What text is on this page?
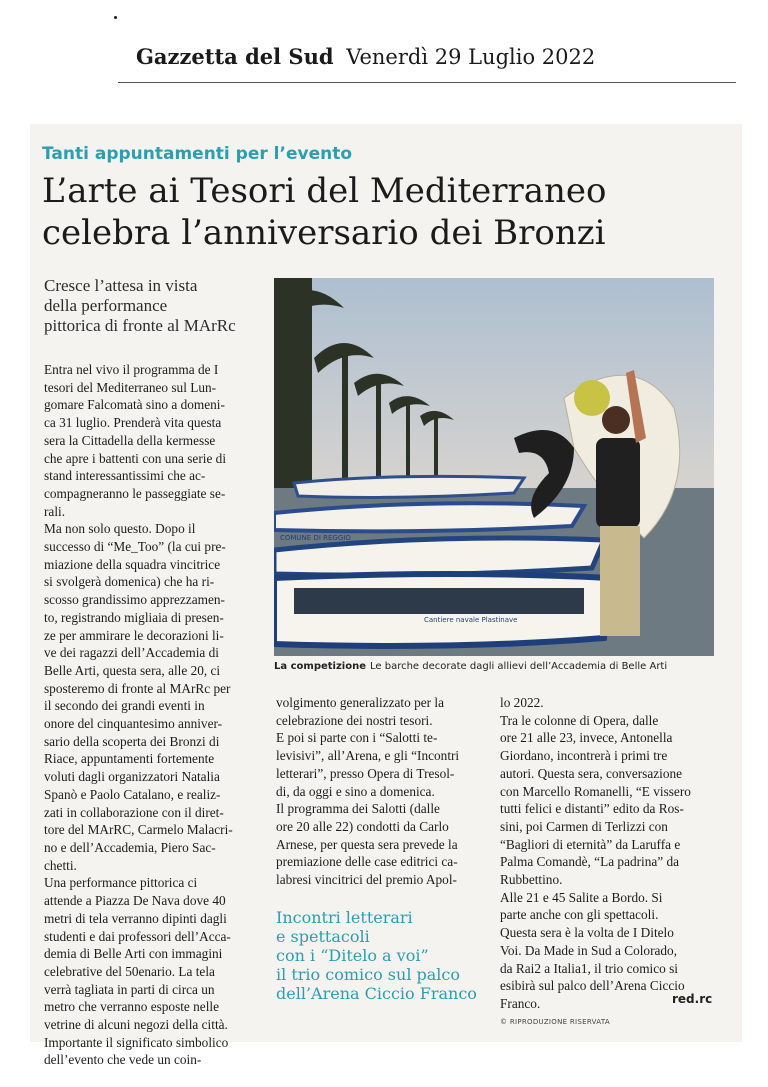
Gazzetta del Sud Venerdì 29 Luglio 2022
Tanti appuntamenti per l’evento
L’arte ai Tesori del Mediterraneo
celebra l’anniversario dei Bronzi
Cresce l’attesa in vista
della performance
pittorica di fronte al MArRc
Entra nel vivo il programma de I
tesori del Mediterraneo sul Lun-
gomare Falcomatà sino a domeni-
ca 31 luglio. Prenderà vita questa
sera la Cittadella della kermesse
che apre i battenti con una serie di
stand interessantissimi che ac-
compagneranno le passeggiate se-
rali.
Ma non solo questo. Dopo il
successo di “Me_Too” (la cui pre-
miazione della squadra vincitrice
si svolgerà domenica) che ha ri-
scosso grandissimo apprezzamen-
to, registrando migliaia di presen-
ze per ammirare le decorazioni li-
ve dei ragazzi dell’Accademia di
Belle Arti, questa sera, alle 20, ci
sposteremo di fronte al MArRc per
il secondo dei grandi eventi in
onore del cinquantesimo anniver-
sario della scoperta dei Bronzi di
Riace, appuntamenti fortemente
voluti dagli organizzatori Natalia
Spanò e Paolo Catalano, e realiz-
zati in collaborazione con il diret-
tore del MArRC, Carmelo Malacri-
no e dell’Accademia, Piero Sac-
chetti.
Una performance pittorica ci
attende a Piazza De Nava dove 40
metri di tela verranno dipinti dagli
studenti e dai professori dell’Acca-
demia di Belle Arti con immagini
celebrative del 50enario. La tela
verrà tagliata in parti di circa un
metro che verranno esposte nelle
vetrine di alcuni negozi della città.
Importante il significato simbolico
dell’evento che vede un coin-
volgimento generalizzato per la
celebrazione dei nostri tesori.
E poi si parte con i “Salotti te-
levisivi”, all’Arena, e gli “Incontri
letterari”, presso Opera di Tresol-
di, da oggi e sino a domenica.
Il programma dei Salotti (dalle
ore 20 alle 22) condotti da Carlo
Arnese, per questa sera prevede la
premiazione delle case editrici ca-
labresi vincitrici del premio Apol-
lo 2022.
Tra le colonne di Opera, dalle
ore 21 alle 23, invece, Antonella
Giordano, incontrerà i primi tre
autori. Questa sera, conversazione
con Marcello Romanelli, “E vissero
tutti felici e distanti” edito da Ros-
sini, poi Carmen di Terlizzi con
“Bagliori di eternità” da Laruffa e
Palma Comandè, “La padrina” da
Rubbettino.
Alle 21 e 45 Salite a Bordo. Si
parte anche con gli spettacoli.
Questa sera è la volta de I Ditelo
Voi. Da Made in Sud a Colorado,
da Rai2 a Italia1, il trio comico si
esibirà sul palco dell’Arena Ciccio
Franco.
Cantiere navale Plastinave
COMUNE DI REGGIO
La competizione Le barche decorate dagli allievi dell’Accademia di Belle Arti
Incontri letterari
e spettacoli
con i “Ditelo a voi”
il trio comico sul palco
dell’Arena Ciccio Franco	red.rc
© RIPRODUZIONE RISERVATA
